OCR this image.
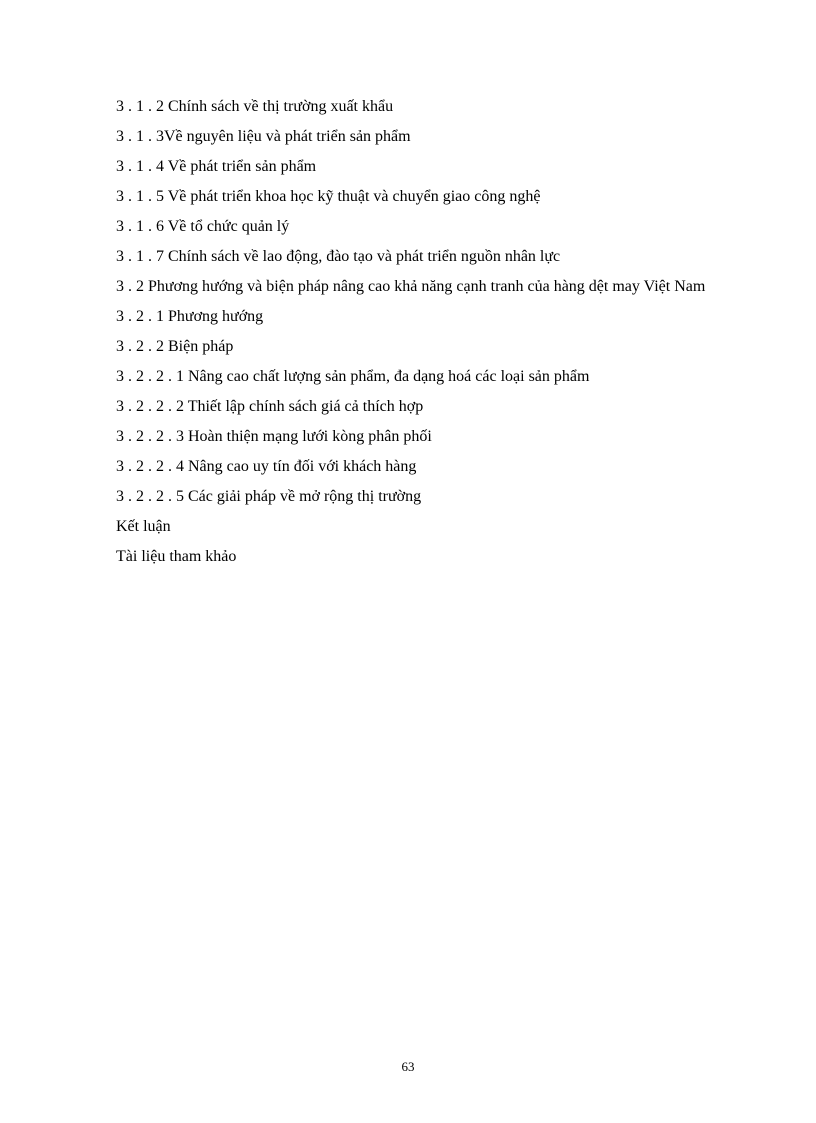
3 . 1 . 2 Chính sách về thị trường xuất khẩu
3 . 1 . 3Về nguyên liệu và phát triển sản phẩm
3 . 1 . 4 Về phát triển sản phẩm
3 . 1 . 5 Về phát triển khoa học kỹ thuật và chuyển giao công nghệ
3 . 1 . 6 Về tổ chức quản lý
3 . 1 . 7 Chính sách về lao động, đào tạo và phát triển nguồn nhân lực
3 . 2 Phương hướng và biện pháp nâng cao khả năng cạnh tranh của hàng dệt may Việt Nam
3 . 2 . 1 Phương hướng
3 . 2 . 2 Biện pháp
3 . 2 . 2 . 1 Nâng cao chất lượng sản phẩm, đa dạng hoá các loại sản phẩm
3 . 2 . 2 . 2 Thiết lập chính sách giá cả thích hợp
3 . 2 . 2 . 3 Hoàn thiện mạng lưới kòng phân phối
3 . 2 . 2 . 4 Nâng cao uy tín đối với khách hàng
3 . 2 . 2 . 5 Các giải pháp về mở rộng thị trường
Kết luận
Tài liệu tham khảo
63
